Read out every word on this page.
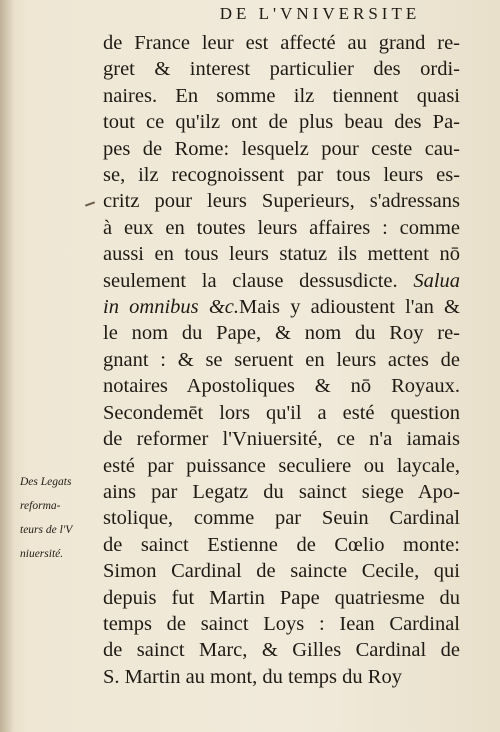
DE L'VNIVERSITE
de France leur est affecté au grand re-
gret & interest particulier des ordi-
naires. En somme ilz tiennent quasi
tout ce qu'ilz ont de plus beau des Pa-
pes de Rome: lesquelz pour ceste cau-
se, ilz recognoissent par tous leurs es-
critz pour leurs Superieurs, s'adressans
à eux en toutes leurs affaires : comme
aussi en tous leurs statuz ils mettent nō
seulement la clause dessusdicte. Salua
in omnibus &c.Mais y adioustent l'an &
le nom du Pape, & nom du Roy re-
gnant : & se seruent en leurs actes de
notaires Apostoliques & nō Royaux.
Secondemēt lors qu'il a esté question
de reformer l'Vniuersité, ce n'a iamais
esté par puissance seculiere ou laycale,
ains par Legatz du sainct siege Apo-
stolique, comme par Seuin Cardinal
de sainct Estienne de Cœlio monte:
Simon Cardinal de saincte Cecile, qui
depuis fut Martin Pape quatriesme du
temps de sainct Loys : Iean Cardinal
de sainct Marc, & Gilles Cardinal de
S. Martin au mont, du temps du Roy
Des Legats
reforma-
teurs de l'V
niuersité.
